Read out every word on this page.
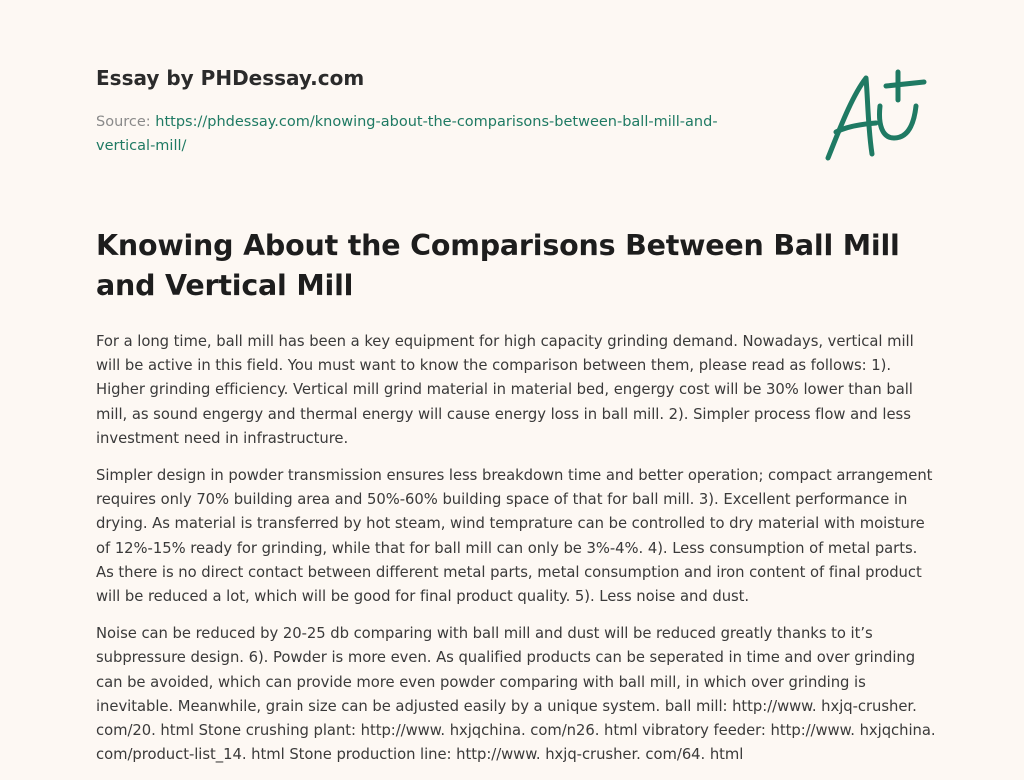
Essay by PHDessay.com
Source: https://phdessay.com/knowing-about-the-comparisons-between-ball-mill-and-vertical-mill/
Knowing About the Comparisons Between Ball Mill and Vertical Mill

For a long time, ball mill has been a key equipment for high capacity grinding demand. Nowadays, vertical mill will be active in this field. You must want to know the comparison between them, please read as follows: 1). Higher grinding efficiency. Vertical mill grind material in material bed, engergy cost will be 30% lower than ball mill, as sound engergy and thermal energy will cause energy loss in ball mill. 2). Simpler process flow and less investment need in infrastructure.

Simpler design in powder transmission ensures less breakdown time and better operation; compact arrangement requires only 70% building area and 50%-60% building space of that for ball mill. 3). Excellent performance in drying. As material is transferred by hot steam, wind temprature can be controlled to dry material with moisture of 12%-15% ready for grinding, while that for ball mill can only be 3%-4%. 4). Less consumption of metal parts. As there is no direct contact between different metal parts, metal consumption and iron content of final product will be reduced a lot, which will be good for final product quality. 5). Less noise and dust.

Noise can be reduced by 20-25 db comparing with ball mill and dust will be reduced greatly thanks to it’s subpressure design. 6). Powder is more even. As qualified products can be seperated in time and over grinding can be avoided, which can provide more even powder comparing with ball mill, in which over grinding is inevitable. Meanwhile, grain size can be adjusted easily by a unique system. ball mill: http://www. hxjq-crusher. com/20. html Stone crushing plant: http://www. hxjqchina. com/n26. html vibratory feeder: http://www. hxjqchina. com/product-list_14. html Stone production line: http://www. hxjq-crusher. com/64. html
